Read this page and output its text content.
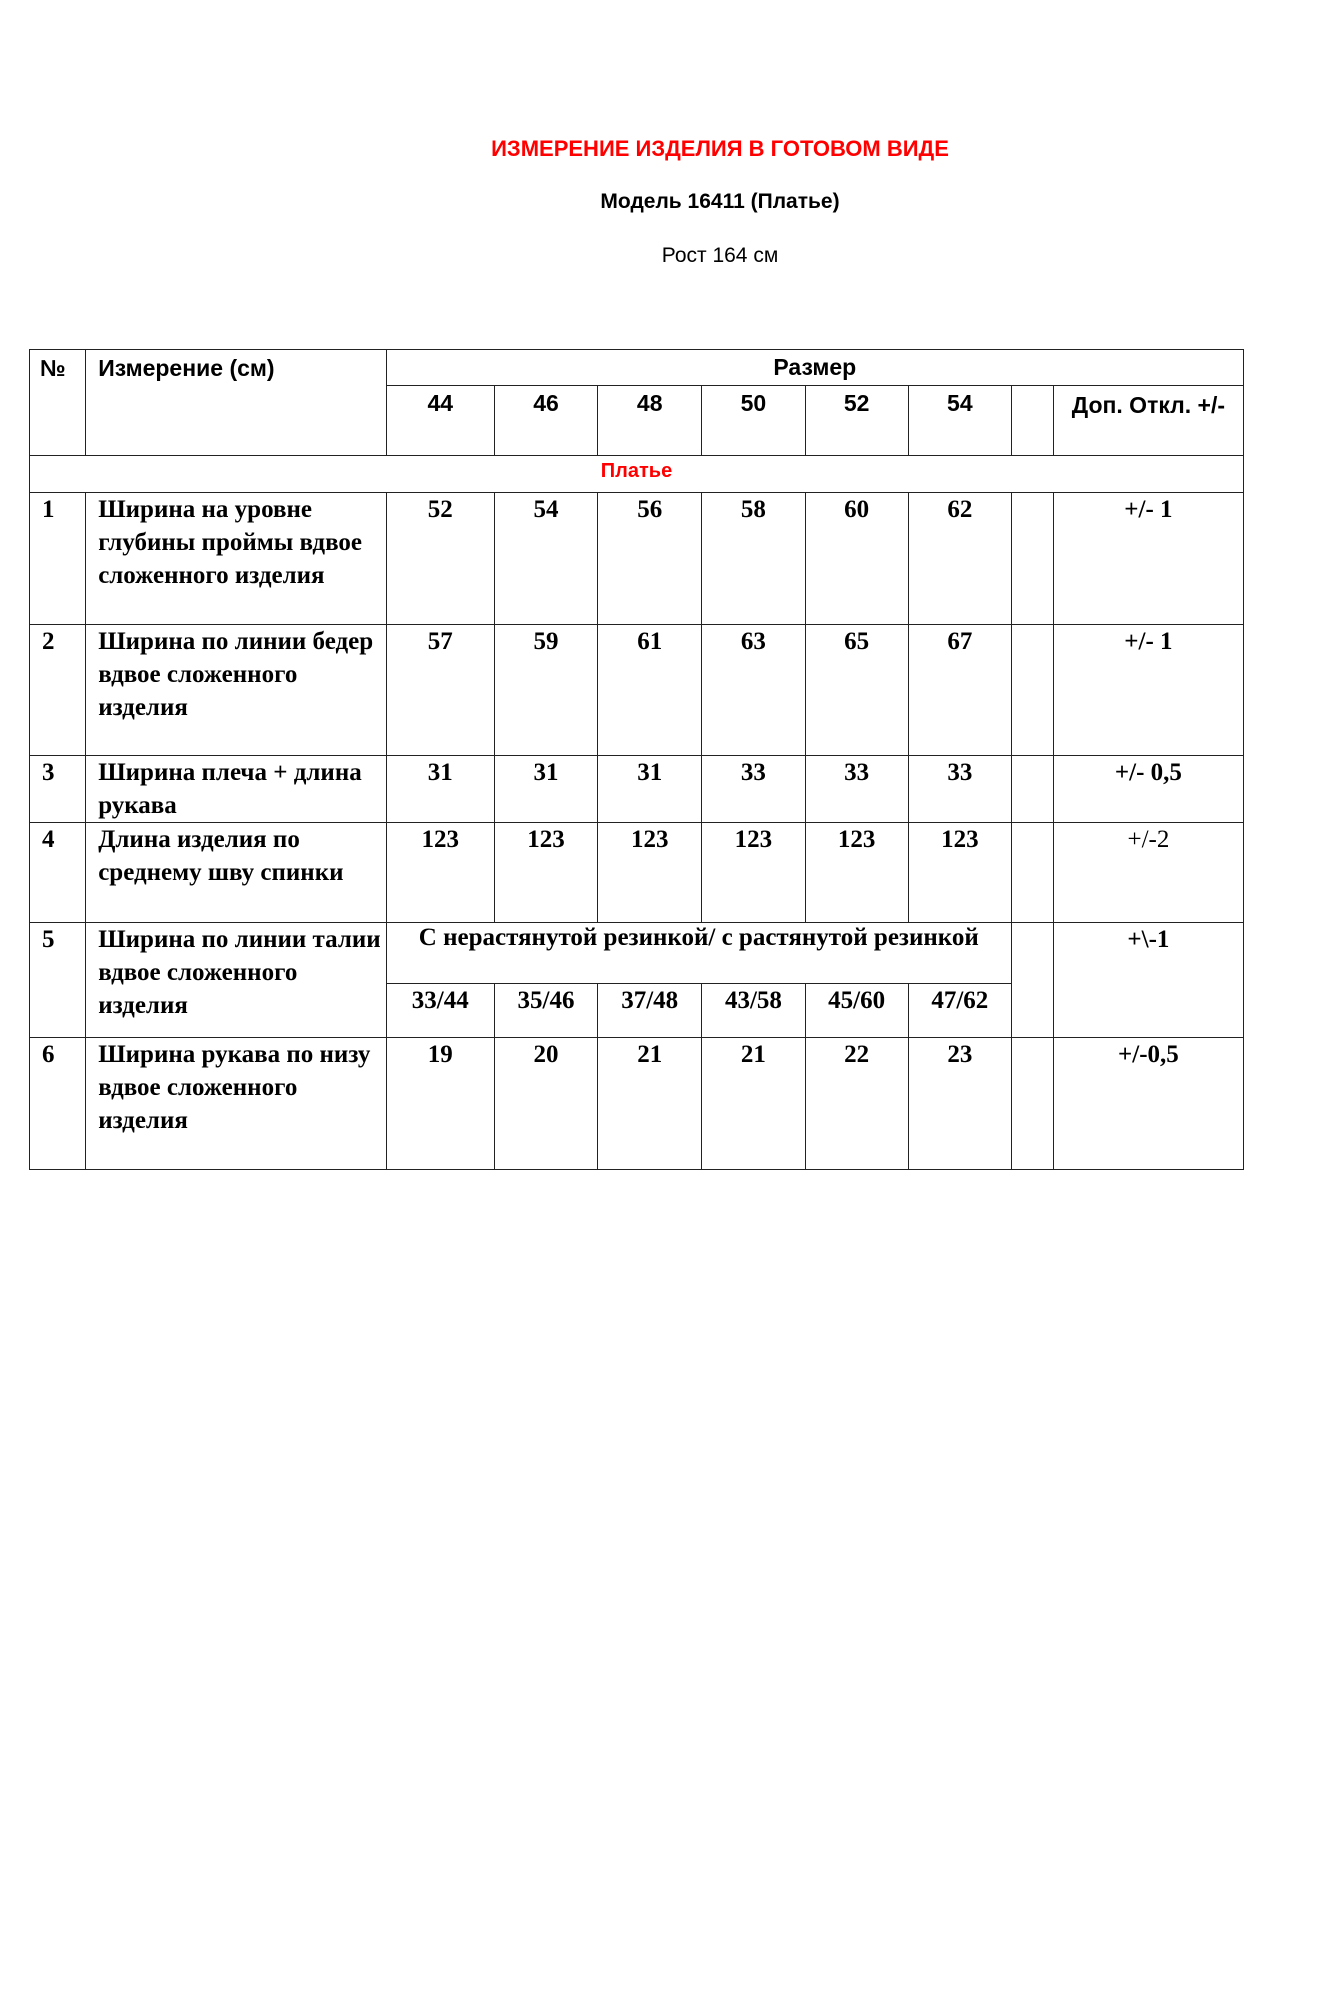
ИЗМЕРЕНИЕ ИЗДЕЛИЯ В ГОТОВОМ ВИДЕ
Модель 16411 (Платье)
Рост 164 см
№	Измерение (см)	Размер							
		44	46	48	50	52	54		Доп. Откл. +/-
Платье									
1	Ширина на уровне глубины проймы вдвое сложенного изделия	52	54	56	58	60	62		+/- 1
2	Ширина по линии бедер вдвое сложенного изделия	57	59	61	63	65	67		+/- 1
3	Ширина плеча + длина рукава	31	31	31	33	33	33		+/- 0,5
4	Длина изделия по среднему шву спинки	123	123	123	123	123	123		+/-2
5	Ширина по линии талии вдвое сложенного изделия	С нерастянутой резинкой/ с растянутой резинкой							+\-1
		33/44	35/46	37/48	43/58	45/60	47/62		
6	Ширина рукава по низу вдвое сложенного изделия	19	20	21	21	22	23		+/-0,5
